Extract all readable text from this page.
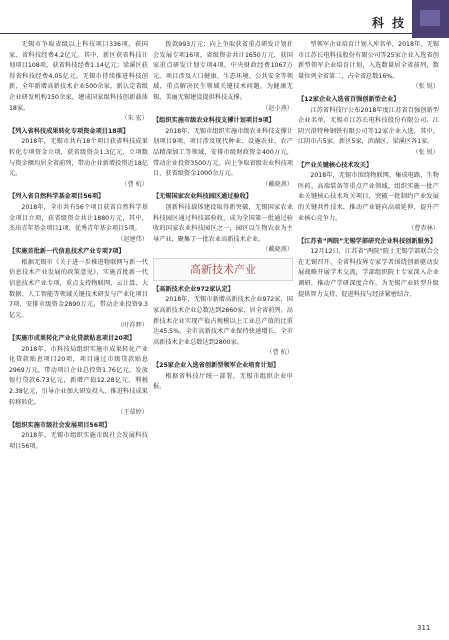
科 技

无锡市争取省级以上科技项目336项，获国家、省科技经费4.2亿元。其中，新区获省科技计划项目108项，获省科技经费1.14亿元；梁溪区获得省科技经费4.05亿元。无锡市持续推进科技创新，全年新增高新技术企业500余家，新认定省级企业研发机构150余家，建成国家级科技创新载体18家。

（朱 宏）

【列入省科技成果转化专项资金项目18项】

2018年，无锡市共有18个项目获省科技成果转化专项资金立项，获省级资金1.3亿元，立项数与资金额均居全省前列，带动企业新增投资近18亿元。

（曹 杭）

【列入省自然科学基金项目56项】

2018年，全市共有56个项目获省自然科学基金项目立项，获省级资金共计1880万元，其中，杰出青年基金项目1项、优秀青年基金项目5项。

（赵建伟）

【实施首批新一代信息技术产业专项7项】

根据无锡市《关于进一步推进物联网与新一代信息技术产业发展的政策意见》，实施首批新一代信息技术产业专项，重点支持物联网、云计算、大数据、人工智能等领域关键技术研发与产业化项目7项，安排市级资金2890万元，带动企业投资9.3亿元。

（叶祥辉）

【实施市成果转化产业化贷款贴息项目20项】

2018年，市科技局组织实施市成果转化产业化贷款贴息项目20项，项目通过市级贷款贴息2969万元，带动项目企业总投资1.76亿元，发放银行贷款6.73亿元，新增产值12.28亿元、利税2.38亿元，引导企业加大研发投入，推进科技成果转移转化。

（王慕婷）

【组织实施市级社会发展项目56项】

2018年，无锡市组织实施市级社会发展科技项目56项。

拨款993万元；向上争取获省重点研发计划社会发展专项16项，省级资金共计1650万元，获国家重点研发计划专项4项，中央财政经费1067万元。项目涉及人口健康、生态环境、公共安全等领域，重点解决民生领域关键技术问题，为健康无锡、美丽无锡建设提供科技支撑。

（赵小燕）

【组织实施市级农业科技支撑计划项目9项】

2018年，无锡市组织实施市级农业科技支撑计划项目9项，项目涉及现代种业、设施农业、农产品精深加工等领域，安排市级财政资金400万元，带动企业投资3500万元。向上争取省级农业科技项目，获省级资金1000余万元。

（戴晓燕）

【无锡国家农业科技园区通过验收】

创新科技载体建设取得新突破，无锡国家农业科技园区通过科技部验收，成为全国第一批通过验收的国家农业科技园区之一，园区以生物农业为主导产业，聚集了一批农业高新技术企业。

（戴晓燕）

高新技术产业

【高新技术企业972家认定】

2018年，无锡市新增高新技术企业972家，国家高新技术企业总数达到2860家，居全省前列。高新技术企业实现产值占规模以上工业总产值的比重达45.5%，全市高新技术产业保持快速增长，全市高新技术企业总数达到2800家。

（曹 杭）

【25家企业入选省创新型领军企业培育计划】

根据省科技厅统一部署，无锡市组织企业申报。

型领军企业培育计划入库名单，2018年，无锡市江苏长电科技股份有限公司等25家企业入选省创新型领军企业培育计划，入选数量居全省前列，数量位列全省第二，占全省总数16%。

（张 锐）

【12家企业入选省百强创新型企业】

江苏省科技厅公布2018年度江苏省百强创新型企业名单，无锡市江苏长电科技股份有限公司、江阴兴澄特种钢铁有限公司等12家企业入选，其中，江阴市占5家，新区5家，滨湖区、梁溪区各1家。

（张 锐）

【产业关键核心技术攻关】

2018年，无锡市围绕物联网、集成电路、生物医药、高端装备等重点产业领域，组织实施一批产业关键核心技术攻关项目，突破一批制约产业发展的关键共性技术，推动产业链向高端延伸，提升产业核心竞争力。

（曹杏林）

【江苏省“两院”无锡学部研究企业科技创新服务】

12月12日，江苏省“两院”院士无锡学部联合会在无锡召开，全省科技界专家学者围绕创新驱动发展战略开展学术交流，学部组织院士专家深入企业调研，推动产学研深度合作，为无锡产业转型升级提供智力支持，促进科技与经济紧密结合。

311
